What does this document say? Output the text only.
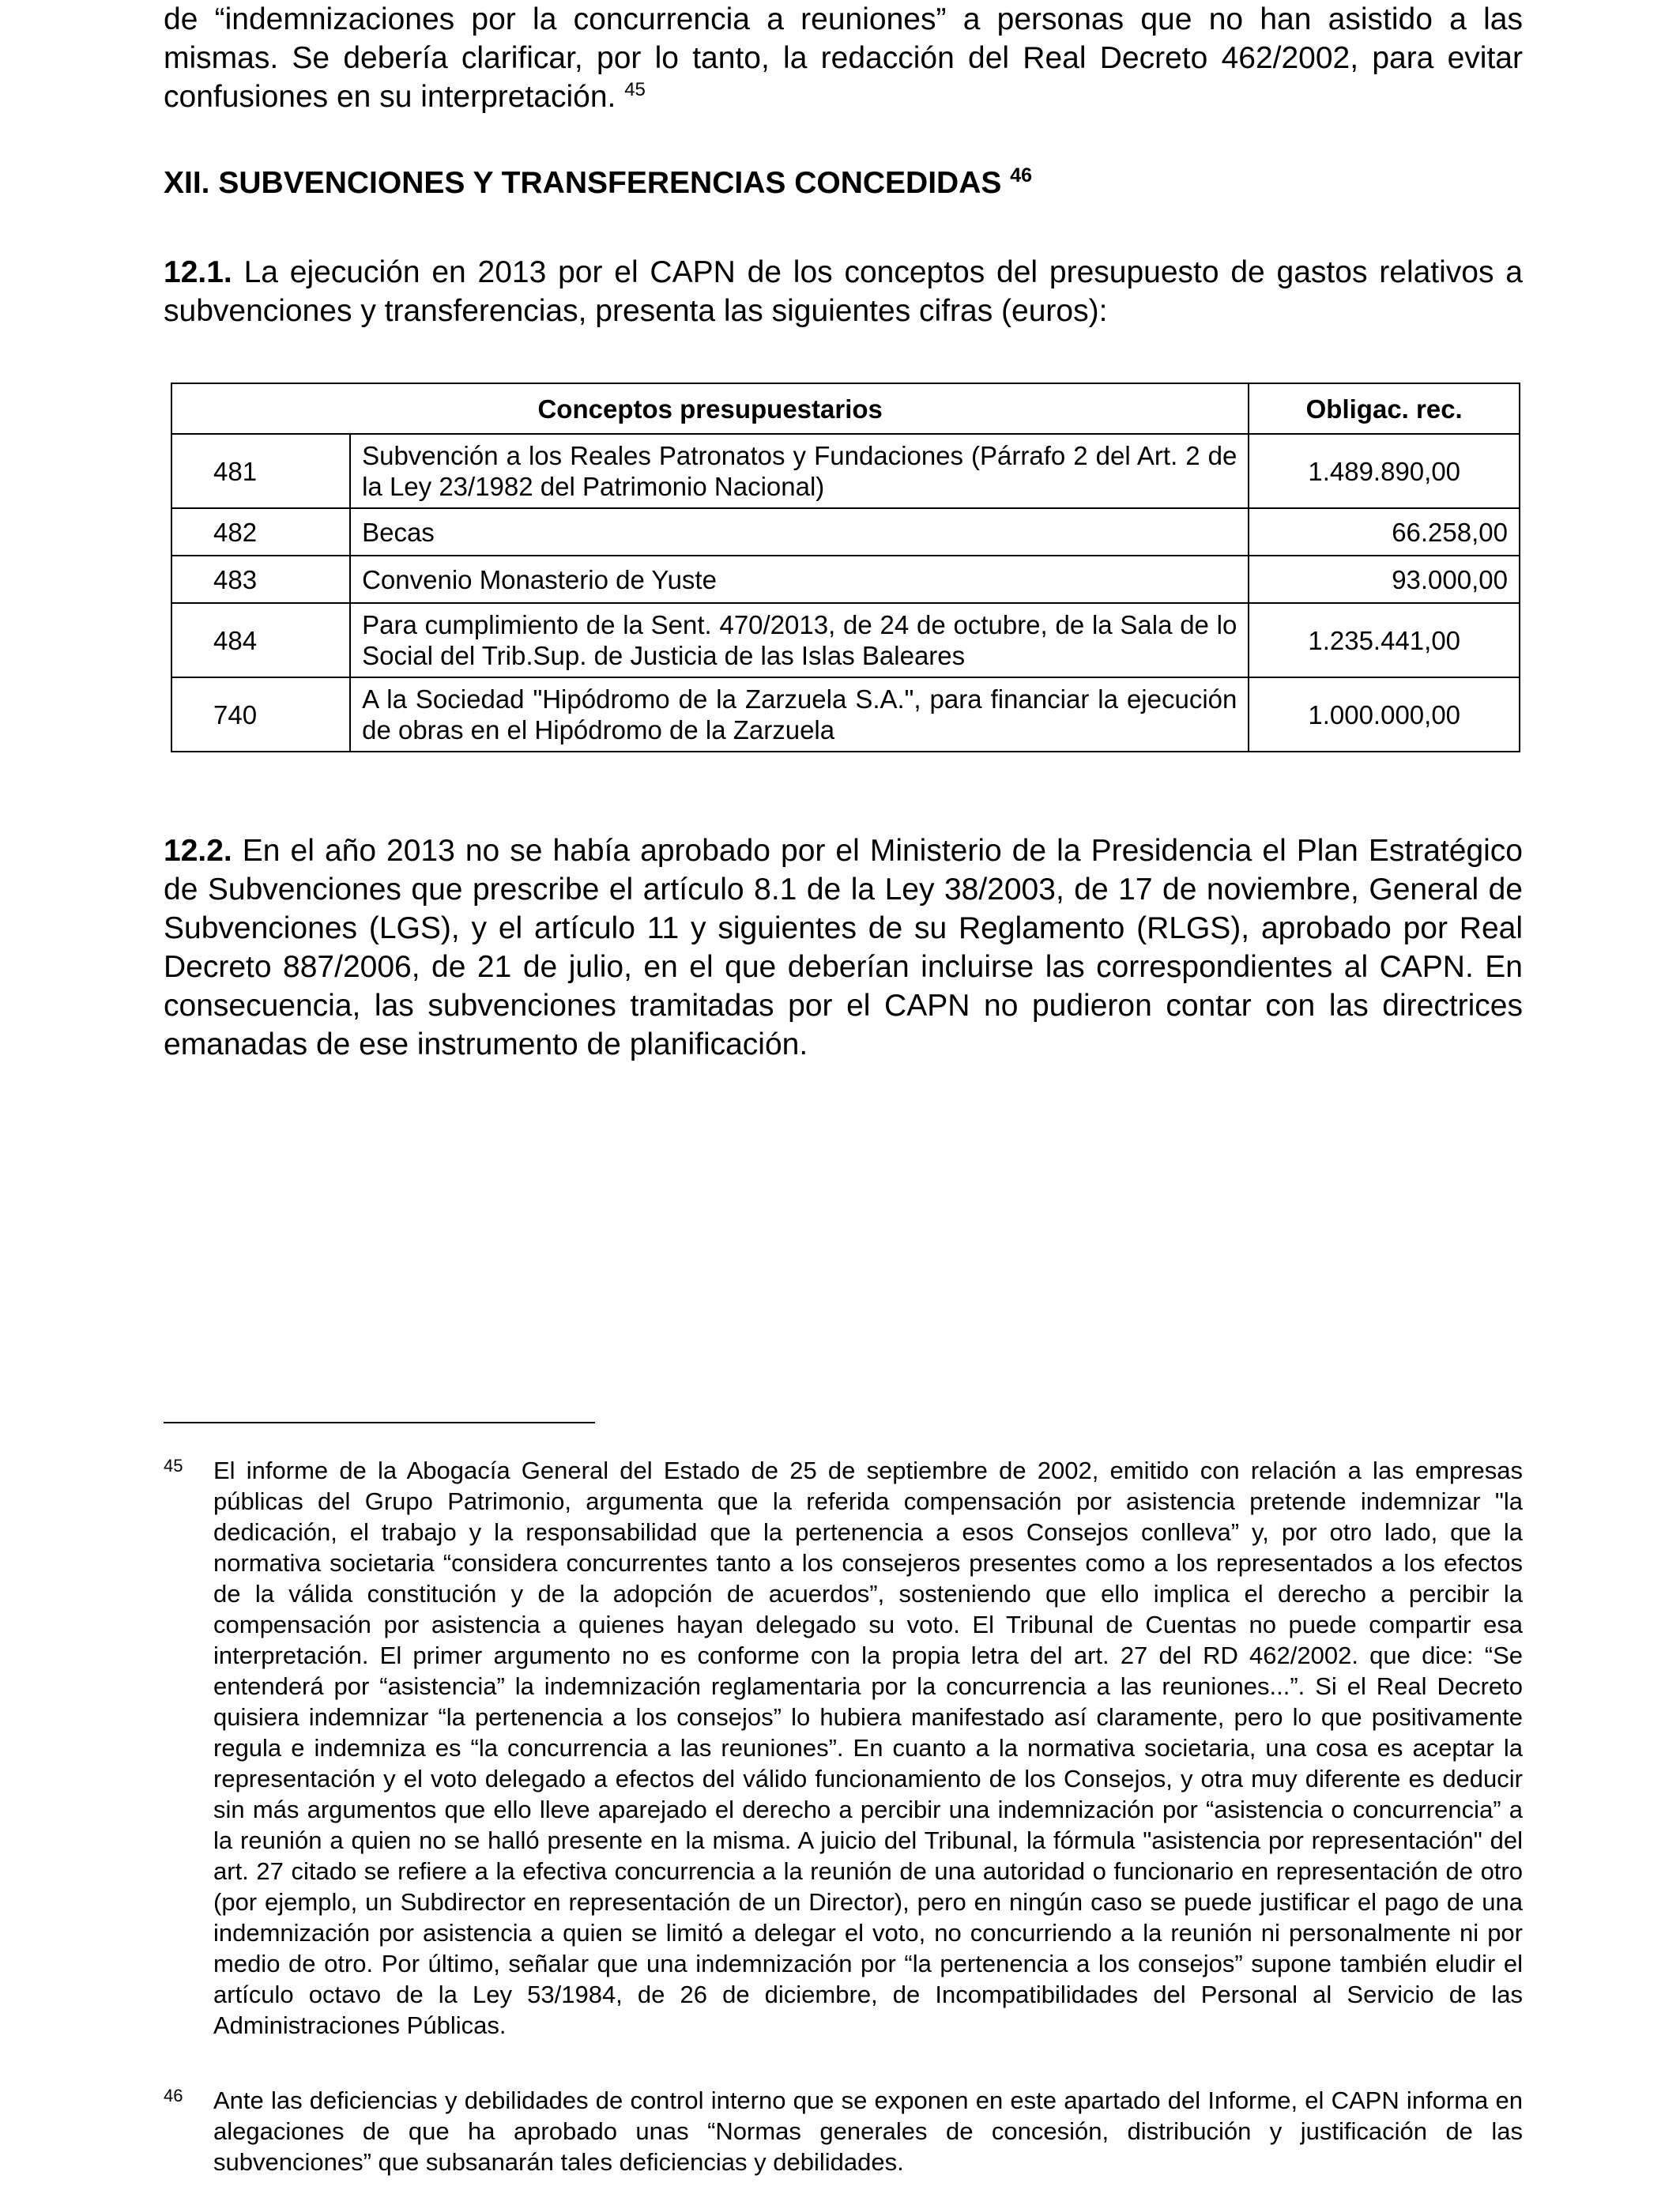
de “indemnizaciones por la concurrencia a reuniones” a personas que no han asistido a las mismas. Se debería clarificar, por lo tanto, la redacción del Real Decreto 462/2002, para evitar confusiones en su interpretación. $^{45}$

XII. SUBVENCIONES Y TRANSFERENCIAS CONCEDIDAS $^{46}$

12.1. La ejecución en 2013 por el CAPN de los conceptos del presupuesto de gastos relativos a subvenciones y transferencias, presenta las siguientes cifras (euros):

Conceptos presupuestarios		Obligac. rec.
481	Subvención a los Reales Patronatos y Fundaciones (Párrafo 2 del Art. 2 de la Ley 23/1982 del Patrimonio Nacional)	1.489.890,00
482	Becas	66.258,00
483	Convenio Monasterio de Yuste	93.000,00
484	Para cumplimiento de la Sent. 470/2013, de 24 de octubre, de la Sala de lo Social del Trib.Sup. de Justicia de las Islas Baleares	1.235.441,00
740	A la Sociedad "Hipódromo de la Zarzuela S.A.", para financiar la ejecución de obras en el Hipódromo de la Zarzuela	1.000.000,00

12.2. En el año 2013 no se había aprobado por el Ministerio de la Presidencia el Plan Estratégico de Subvenciones que prescribe el artículo 8.1 de la Ley 38/2003, de 17 de noviembre, General de Subvenciones (LGS), y el artículo 11 y siguientes de su Reglamento (RLGS), aprobado por Real Decreto 887/2006, de 21 de julio, en el que deberían incluirse las correspondientes al CAPN. En consecuencia, las subvenciones tramitadas por el CAPN no pudieron contar con las directrices emanadas de ese instrumento de planificación.

45 El informe de la Abogacía General del Estado de 25 de septiembre de 2002, emitido con relación a las empresas públicas del Grupo Patrimonio, argumenta que la referida compensación por asistencia pretende indemnizar "la dedicación, el trabajo y la responsabilidad que la pertenencia a esos Consejos conlleva” y, por otro lado, que la normativa societaria “considera concurrentes tanto a los consejeros presentes como a los representados a los efectos de la válida constitución y de la adopción de acuerdos”, sosteniendo que ello implica el derecho a percibir la compensación por asistencia a quienes hayan delegado su voto. El Tribunal de Cuentas no puede compartir esa interpretación. El primer argumento no es conforme con la propia letra del art. 27 del RD 462/2002. que dice: “Se entenderá por “asistencia” la indemnización reglamentaria por la concurrencia a las reuniones...”. Si el Real Decreto quisiera indemnizar “la pertenencia a los consejos” lo hubiera manifestado así claramente, pero lo que positivamente regula e indemniza es “la concurrencia a las reuniones”. En cuanto a la normativa societaria, una cosa es aceptar la representación y el voto delegado a efectos del válido funcionamiento de los Consejos, y otra muy diferente es deducir sin más argumentos que ello lleve aparejado el derecho a percibir una indemnización por “asistencia o concurrencia” a la reunión a quien no se halló presente en la misma. A juicio del Tribunal, la fórmula "asistencia por representación" del art. 27 citado se refiere a la efectiva concurrencia a la reunión de una autoridad o funcionario en representación de otro (por ejemplo, un Subdirector en representación de un Director), pero en ningún caso se puede justificar el pago de una indemnización por asistencia a quien se limitó a delegar el voto, no concurriendo a la reunión ni personalmente ni por medio de otro. Por último, señalar que una indemnización por “la pertenencia a los consejos” supone también eludir el artículo octavo de la Ley 53/1984, de 26 de diciembre, de Incompatibilidades del Personal al Servicio de las Administraciones Públicas.

46 Ante las deficiencias y debilidades de control interno que se exponen en este apartado del Informe, el CAPN informa en alegaciones de que ha aprobado unas “Normas generales de concesión, distribución y justificación de las subvenciones” que subsanarán tales deficiencias y debilidades.
